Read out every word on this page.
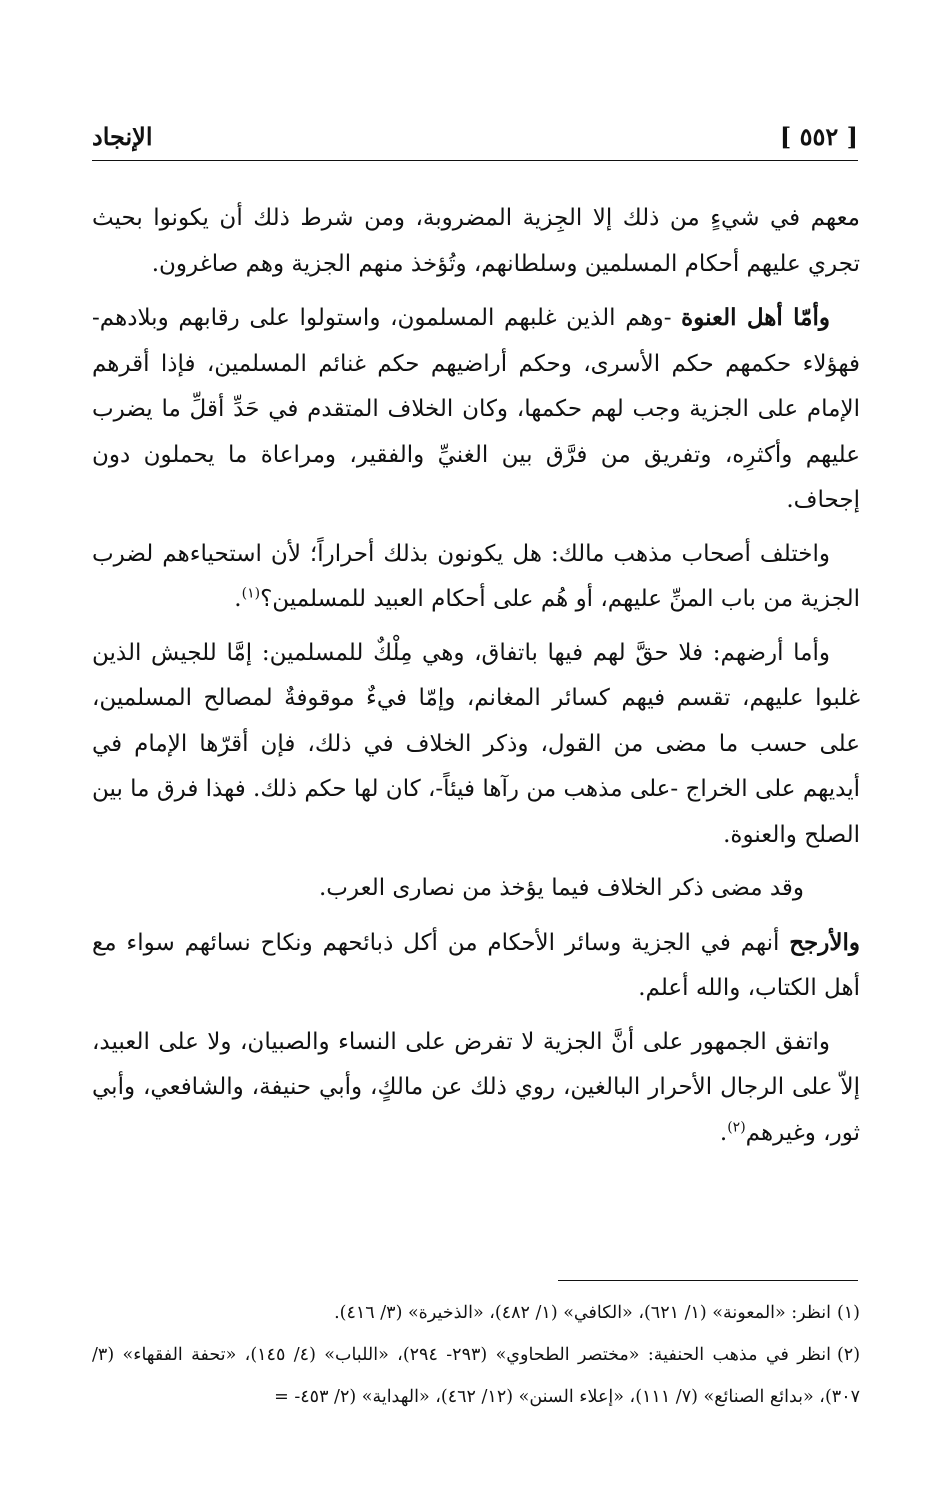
[ ٥٥٢ ]
الإنجاد

معهم في شيءٍ من ذلك إلا الجِزية المضروبة، ومن شرط ذلك أن يكونوا بحيث تجري عليهم أحكام المسلمين وسلطانهم، وتُؤخذ منهم الجزية وهم صاغرون.

وأمّا أهل العنوة -وهم الذين غلبهم المسلمون، واستولوا على رقابهم وبلادهم- فهؤلاء حكمهم حكم الأسرى، وحكم أراضيهم حكم غنائم المسلمين، فإذا أقرهم الإمام على الجزية وجب لهم حكمها، وكان الخلاف المتقدم في حَدِّ أقلِّ ما يضرب عليهم وأكثرِه، وتفريق من فرَّق بين الغنيِّ والفقير، ومراعاة ما يحملون دون إجحاف.

واختلف أصحاب مذهب مالك: هل يكونون بذلك أحراراً؛ لأن استحياءهم لضرب الجزية من باب المنِّ عليهم، أو هُم على أحكام العبيد للمسلمين؟$^{(١)}$.

وأما أرضهم: فلا حقَّ لهم فيها باتفاق، وهي مِلْكٌ للمسلمين: إمَّا للجيش الذين غلبوا عليهم، تقسم فيهم كسائر المغانم، وإمّا فيءٌ موقوفةٌ لمصالح المسلمين، على حسب ما مضى من القول، وذكر الخلاف في ذلك، فإن أقرّها الإمام في أيديهم على الخراج -على مذهب من رآها فيئاً-، كان لها حكم ذلك. فهذا فرق ما بين الصلح والعنوة.

وقد مضى ذكر الخلاف فيما يؤخذ من نصارى العرب.

والأرجح أنهم في الجزية وسائر الأحكام من أكل ذبائحهم ونكاح نسائهم سواء مع أهل الكتاب، والله أعلم.

واتفق الجمهور على أنَّ الجزية لا تفرض على النساء والصبيان، ولا على العبيد، إلاّ على الرجال الأحرار البالغين، روي ذلك عن مالكٍ، وأبي حنيفة، والشافعي، وأبي ثور، وغيرهم$^{(٢)}$.

(١)انظر: «المعونة» (١/ ٦٢١)، «الكافي» (١/ ٤٨٢)، «الذخيرة» (٣/ ٤١٦).

(٢)انظر في مذهب الحنفية: «مختصر الطحاوي» (٢٩٣- ٢٩٤)، «اللباب» (٤/ ١٤٥)، «تحفة الفقهاء» (٣/ ٣٠٧)، «بدائع الصنائع» (٧/ ١١١)، «إعلاء السنن» (١٢/ ٤٦٢)، «الهداية» (٢/ ٤٥٣- =
